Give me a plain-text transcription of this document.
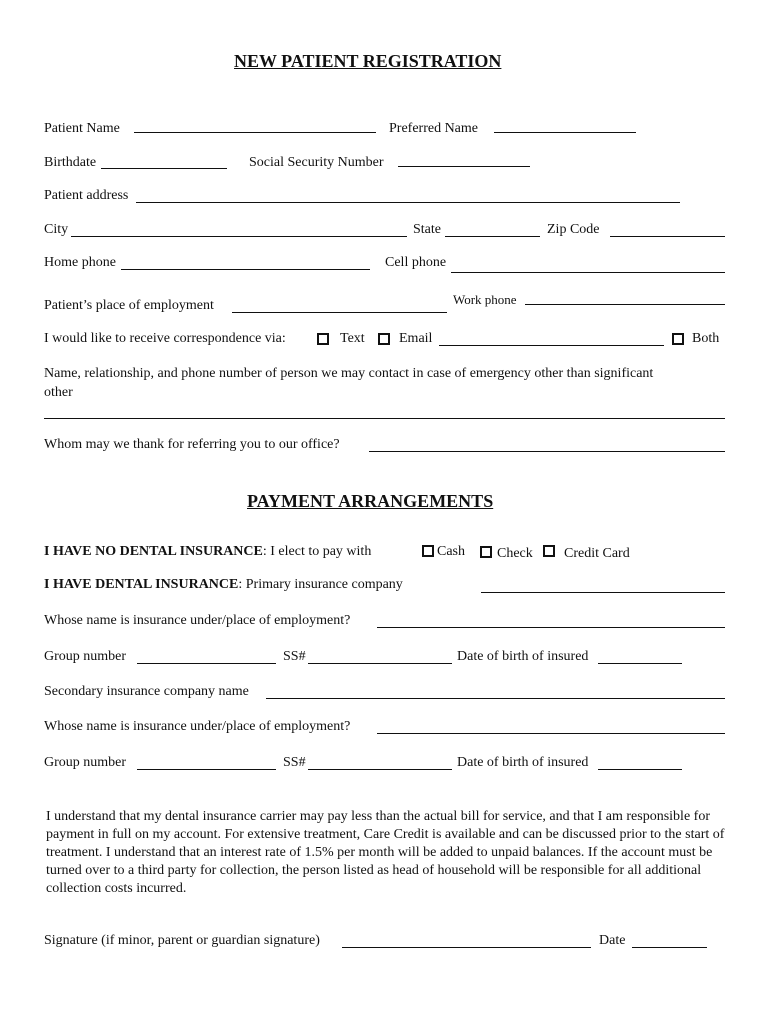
NEW PATIENT REGISTRATION
Patient Name	Preferred Name
Birthdate	Social Security Number
Patient address
City	State	Zip Code
Home phone	Cell phone
Patient’s place of employment	Work phone
I would like to receive correspondence via:	Text Email	Both
Name, relationship, and phone number of person we may contact in case of emergency other than significant
other
Whom may we thank for referring you to our office?
PAYMENT ARRANGEMENTS
I HAVE NO DENTAL INSURANCE: I elect to pay with	Cash Check Credit Card
I HAVE DENTAL INSURANCE: Primary insurance company
Whose name is insurance under/place of employment?
Group number	SS#	Date of birth of insured
Secondary insurance company name
Whose name is insurance under/place of employment?
Group number	SS#	Date of birth of insured
I understand that my dental insurance carrier may pay less than the actual bill for service, and that I am responsible for payment in full on my account. For extensive treatment, Care Credit is available and can be discussed prior to the start of treatment. I understand that an interest rate of 1.5% per month will be added to unpaid balances. If the account must be turned over to a third party for collection, the person listed as head of household will be responsible for all additional collection costs incurred.
Signature (if minor, parent or guardian signature)	Date
